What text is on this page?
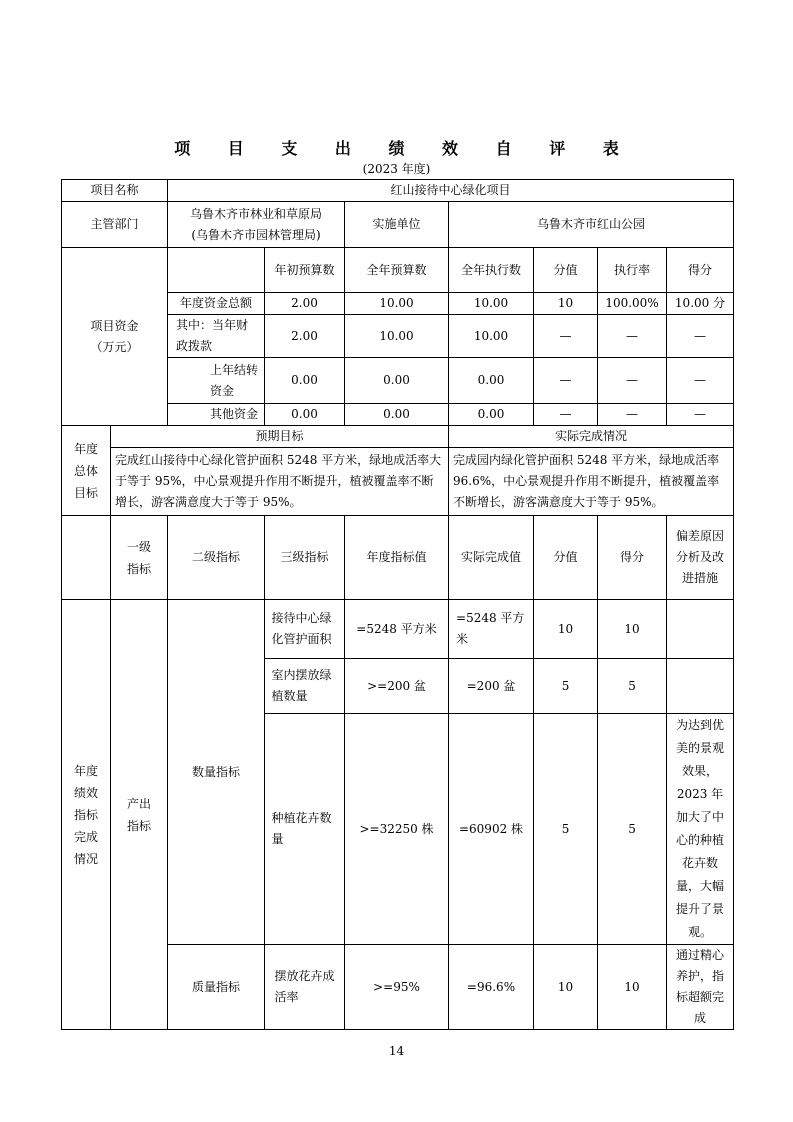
项 目 支 出 绩 效 自 评 表
(2023 年度)
项目名称		红山接待中心绿化项目						
主管部门		乌鲁木齐市林业和草原局
(乌鲁木齐市园林管理局)		实施单位	乌鲁木齐市红山公园			

项目资金（万元）			年初预算数	全年预算数	全年执行数	分值	执行率	得分
		年度资金总额	2.00	10.00	10.00	10	100.00%	10.00 分

		其中：当年财政拨款	2.00	10.00	10.00	—	—	—

		上年结转资金	0.00	0.00	0.00	—	—	—
		其他资金	0.00	0.00	0.00	—	—	—

年度总体目标	预期目标				实际完成情况			
	完成红山接待中心绿化管护面积 5248 平方米，绿地成活率大于等于 95%，中心景观提升作用不断提升，植被覆盖率不断增长，游客满意度大于等于 95%。				完成园内绿化管护面积 5248 平方米，绿地成活率 96.6%，中心景观提升作用不断提升，植被覆盖率不断增长，游客满意度大于等于 95%。			

	一级指标	二级指标	三级指标	年度指标值	实际完成值	分值	得分	偏差原因分析及改进措施

年度绩效指标完成情况	产出指标	数量指标	接待中心绿化管护面积	=5248 平方米	=5248 平方米	10	10	

			室内摆放绿植数量	>=200 盆	=200 盆	5	5	

			种植花卉数量	>=32250 株	=60902 株	5	5	为达到优美的景观效果，2023 年加大了中心的种植花卉数量，大幅提升了景观。

		质量指标	摆放花卉成活率	>=95%	=96.6%	10	10	通过精心养护，指标超额完成
14
